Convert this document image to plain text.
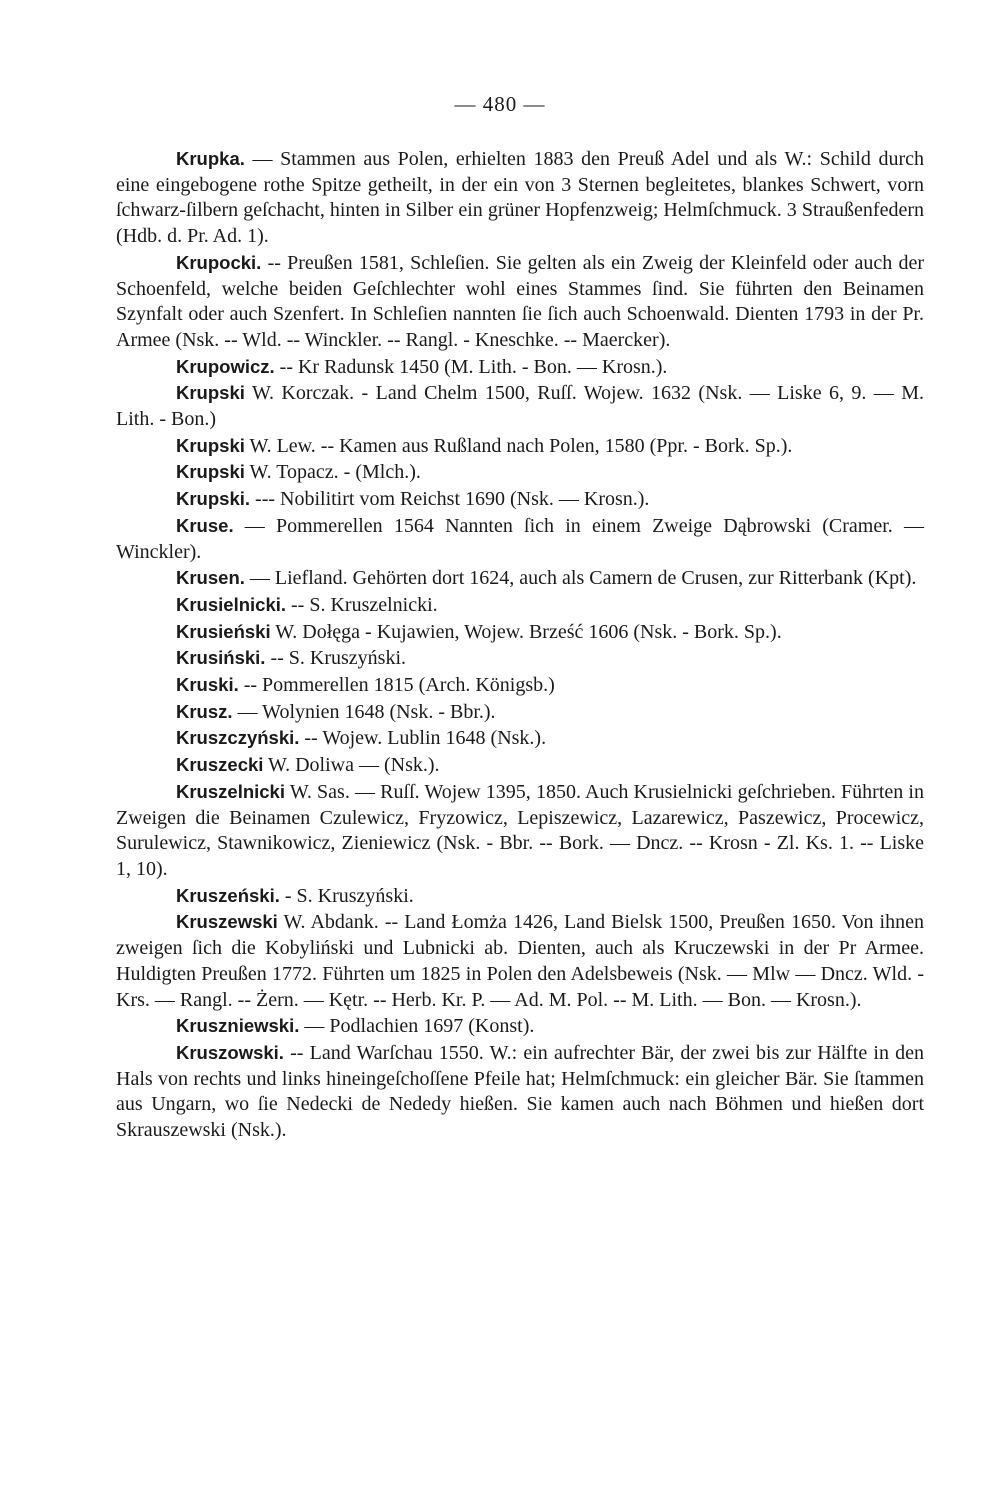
— 480 —

Krupka. — Stammen aus Polen, erhielten 1883 den Preuß Adel und als W.: Schild durch eine eingebogene rothe Spitze getheilt, in der ein von 3 Sternen begleitetes, blankes Schwert, vorn ſchwarz-ſilbern geſchacht, hinten in Silber ein grüner Hopfenzweig; Helmſchmuck. 3 Straußenfedern (Hdb. d. Pr. Ad. 1).

Krupocki. -- Preußen 1581, Schleſien. Sie gelten als ein Zweig der Kleinfeld oder auch der Schoenfeld, welche beiden Geſchlechter wohl eines Stammes ſind. Sie führten den Beinamen Szynfalt oder auch Szenfert. In Schleſien nannten ſie ſich auch Schoenwald. Dienten 1793 in der Pr. Armee (Nsk. -- Wld. -- Winckler. -- Rangl. - Kneschke. -- Maercker).

Krupowicz. -- Kr Radunsk 1450 (M. Lith. - Bon. — Krosn.).

Krupski W. Korczak. - Land Chelm 1500, Ruſſ. Wojew. 1632 (Nsk. — Liske 6, 9. — M. Lith. - Bon.)

Krupski W. Lew. -- Kamen aus Rußland nach Polen, 1580 (Ppr. - Bork. Sp.).

Krupski W. Topacz. - (Mlch.).

Krupski. --- Nobilitirt vom Reichst 1690 (Nsk. — Krosn.).

Kruse. — Pommerellen 1564 Nannten ſich in einem Zweige Dąbrowski (Cramer. — Winckler).

Krusen. — Liefland. Gehörten dort 1624, auch als Camern de Crusen, zur Ritterbank (Kpt).

Krusielnicki. -- S. Kruszelnicki.

Krusieński W. Dołęga - Kujawien, Wojew. Brześć 1606 (Nsk. - Bork. Sp.).

Krusiński. -- S. Kruszyński.

Kruski. -- Pommerellen 1815 (Arch. Königsb.)

Krusz. — Wolynien 1648 (Nsk. - Bbr.).

Kruszczyński. -- Wojew. Lublin 1648 (Nsk.).

Kruszecki W. Doliwa — (Nsk.).

Kruszelnicki W. Sas. — Ruſſ. Wojew 1395, 1850. Auch Krusielnicki geſchrieben. Führten in Zweigen die Beinamen Czulewicz, Fryzowicz, Lepiszewicz, Lazarewicz, Paszewicz, Procewicz, Surulewicz, Stawnikowicz, Zieniewicz (Nsk. - Bbr. -- Bork. — Dncz. -- Krosn - Zl. Ks. 1. -- Liske 1, 10).

Kruszeński. - S. Kruszyński.

Kruszewski W. Abdank. -- Land Łomża 1426, Land Bielsk 1500, Preußen 1650. Von ihnen zweigen ſich die Kobyliński und Lubnicki ab. Dienten, auch als Kruczewski in der Pr Armee. Huldigten Preußen 1772. Führten um 1825 in Polen den Adelsbeweis (Nsk. — Mlw — Dncz. Wld. - Krs. — Rangl. -- Żern. — Kętr. -- Herb. Kr. P. — Ad. M. Pol. -- M. Lith. — Bon. — Krosn.).

Kruszniewski. — Podlachien 1697 (Konst).

Kruszowski. -- Land Warſchau 1550. W.: ein aufrechter Bär, der zwei bis zur Hälfte in den Hals von rechts und links hineingeſchoſſene Pfeile hat; Helmſchmuck: ein gleicher Bär. Sie ſtammen aus Ungarn, wo ſie Nedecki de Nededy hießen. Sie kamen auch nach Böhmen und hießen dort Skrauszewski (Nsk.).
